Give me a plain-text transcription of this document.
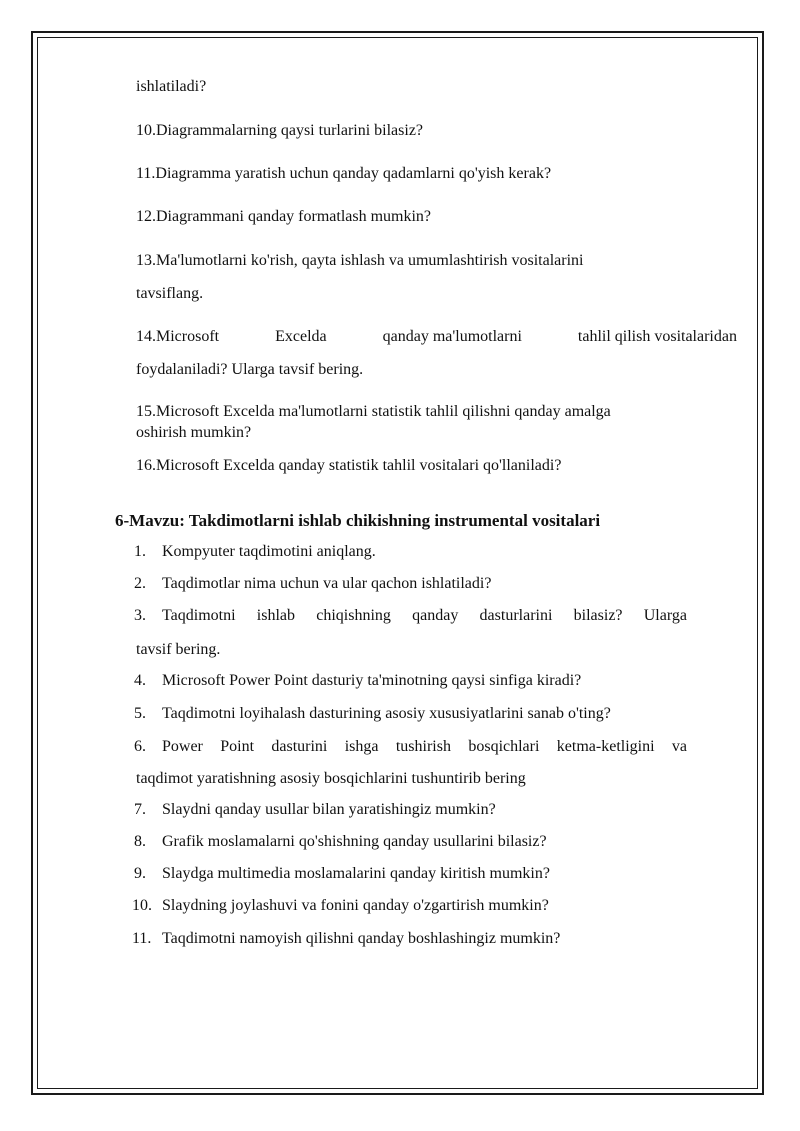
ishlatiladi?
10.Diagrammalarning qaysi turlarini bilasiz?
11.Diagramma yaratish uchun qanday qadamlarni qo'yish kerak?
12.Diagrammani qanday formatlash mumkin?
13.Ma'lumotlarni ko'rish, qayta ishlash va umumlashtirish vositalarini
tavsiflang.
14.Microsoft	Excelda	qanday ma'lumotlarni	tahlil qilish vositalaridan
foydalaniladi? Ularga tavsif bering.
15.Microsoft Excelda ma'lumotlarni statistik tahlil qilishni qanday amalga
oshirish mumkin?
16.Microsoft Excelda qanday statistik tahlil vositalari qo'llaniladi?
6-Mavzu: Takdimotlarni ishlab chikishning instrumental vositalari
1. Kompyuter taqdimotini aniqlang.
2. Taqdimotlar nima uchun va ular qachon ishlatiladi?
3. Taqdimotni ishlab chiqishning qanday dasturlarini bilasiz? Ularga
tavsif bering.
4. Microsoft Power Point dasturiy ta'minotning qaysi sinfiga kiradi?
5. Taqdimotni loyihalash dasturining asosiy xususiyatlarini sanab o'ting?
6. Power Point dasturini ishga tushirish bosqichlari ketma-ketligini va
taqdimot yaratishning asosiy bosqichlarini tushuntirib bering
7. Slaydni qanday usullar bilan yaratishingiz mumkin?
8. Grafik moslamalarni qo'shishning qanday usullarini bilasiz?
9. Slaydga multimedia moslamalarini qanday kiritish mumkin?
10. Slaydning joylashuvi va fonini qanday o'zgartirish mumkin?
11. Taqdimotni namoyish qilishni qanday boshlashingiz mumkin?
